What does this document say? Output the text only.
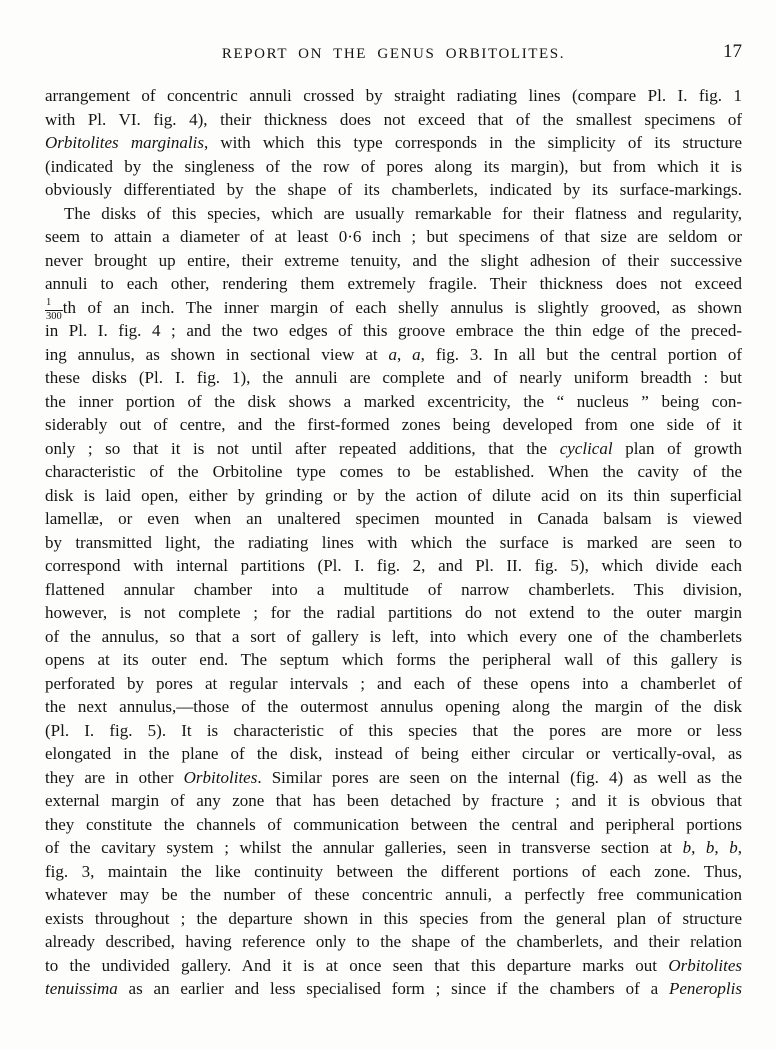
REPORT ON THE GENUS ORBITOLITES.	17
arrangement of concentric annuli crossed by straight radiating lines (compare Pl. I. fig. 1
with Pl. VI. fig. 4), their thickness does not exceed that of the smallest specimens of
Orbitolites marginalis, with which this type corresponds in the simplicity of its structure
(indicated by the singleness of the row of pores along its margin), but from which it is
obviously differentiated by the shape of its chamberlets, indicated by its surface-markings.
The disks of this species, which are usually remarkable for their flatness and regularity,
seem to attain a diameter of at least 0·6 inch ; but specimens of that size are seldom or
never brought up entire, their extreme tenuity, and the slight adhesion of their successive
annuli to each other, rendering them extremely fragile. Their thickness does not exceed
$\frac{1}{300}$ th of an inch. The inner margin of each shelly annulus is slightly grooved, as shown
in Pl. I. fig. 4 ; and the two edges of this groove embrace the thin edge of the preced-
ing annulus, as shown in sectional view at a, a, fig. 3. In all but the central portion of
these disks (Pl. I. fig. 1), the annuli are complete and of nearly uniform breadth : but
the inner portion of the disk shows a marked excentricity, the “ nucleus ” being con-
siderably out of centre, and the first-formed zones being developed from one side of it
only ; so that it is not until after repeated additions, that the cyclical plan of growth
characteristic of the Orbitoline type comes to be established. When the cavity of the
disk is laid open, either by grinding or by the action of dilute acid on its thin superficial
lamellæ, or even when an unaltered specimen mounted in Canada balsam is viewed
by transmitted light, the radiating lines with which the surface is marked are seen to
correspond with internal partitions (Pl. I. fig. 2, and Pl. II. fig. 5), which divide each
flattened annular chamber into a multitude of narrow chamberlets. This division,
however, is not complete ; for the radial partitions do not extend to the outer margin
of the annulus, so that a sort of gallery is left, into which every one of the chamberlets
opens at its outer end. The septum which forms the peripheral wall of this gallery is
perforated by pores at regular intervals ; and each of these opens into a chamberlet of
the next annulus,—those of the outermost annulus opening along the margin of the disk
(Pl. I. fig. 5). It is characteristic of this species that the pores are more or less
elongated in the plane of the disk, instead of being either circular or vertically-oval, as
they are in other Orbitolites. Similar pores are seen on the internal (fig. 4) as well as the
external margin of any zone that has been detached by fracture ; and it is obvious that
they constitute the channels of communication between the central and peripheral portions
of the cavitary system ; whilst the annular galleries, seen in transverse section at b, b, b,
fig. 3, maintain the like continuity between the different portions of each zone. Thus,
whatever may be the number of these concentric annuli, a perfectly free communication
exists throughout ; the departure shown in this species from the general plan of structure
already described, having reference only to the shape of the chamberlets, and their relation
to the undivided gallery. And it is at once seen that this departure marks out Orbitolites
tenuissima as an earlier and less specialised form ; since if the chambers of a Peneroplis
